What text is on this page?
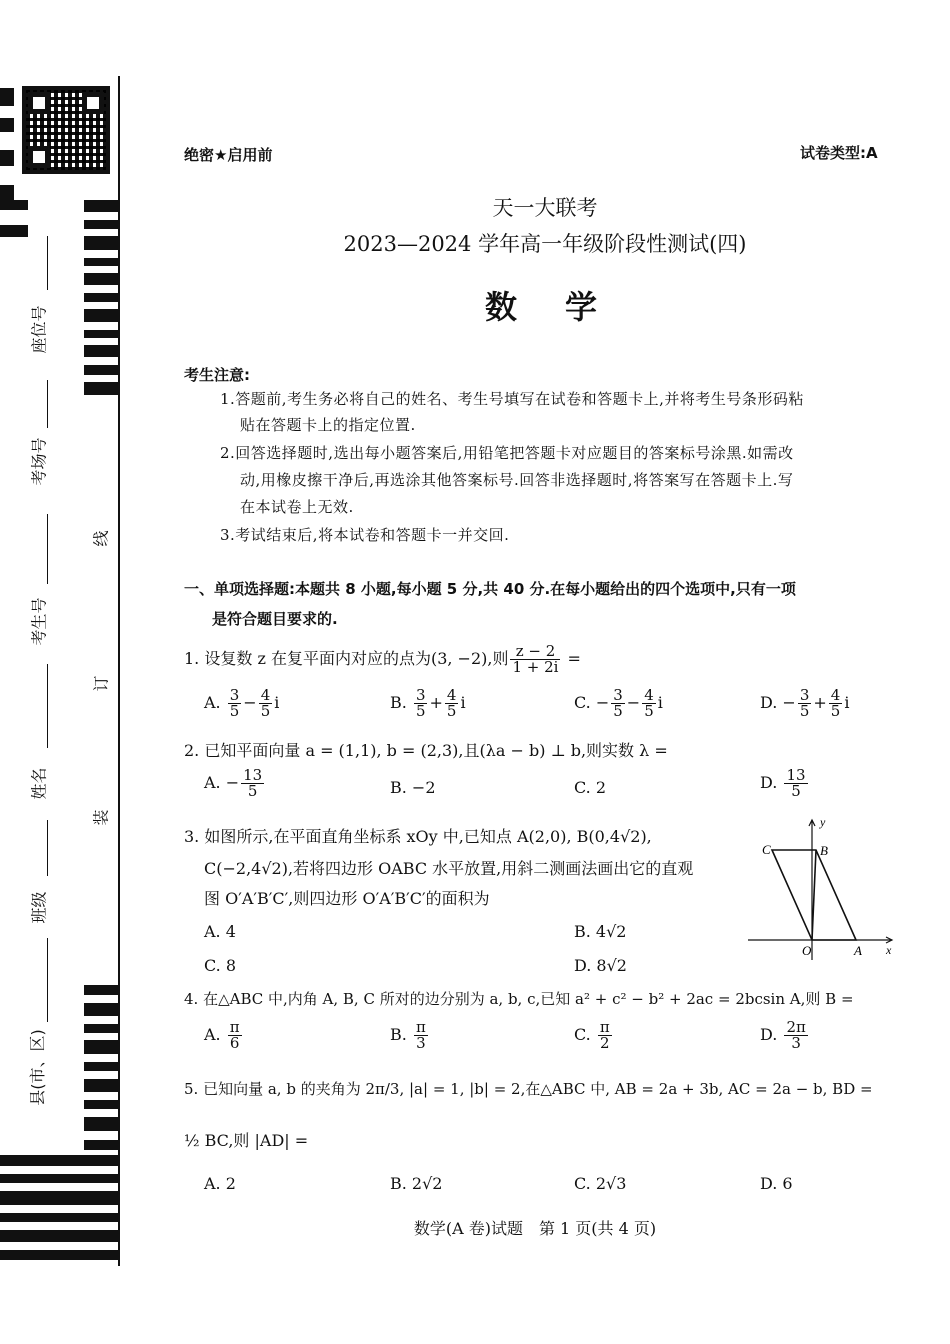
座位号
考场号
考生号
姓名
班级
县(市、区)
线
订
装
绝密★启用前	试卷类型:A
天一大联考
2023—2024 学年高一年级阶段性测试(四)
数　学
考生注意:
1.答题前,考生务必将自己的姓名、考生号填写在试卷和答题卡上,并将考生号条形码粘
贴在答题卡上的指定位置.
2.回答选择题时,选出每小题答案后,用铅笔把答题卡对应题目的答案标号涂黑.如需改
动,用橡皮擦干净后,再选涂其他答案标号.回答非选择题时,将答案写在答题卡上.写
在本试卷上无效.
3.考试结束后,将本试卷和答题卡一并交回.
一、单项选择题:本题共 8 小题,每小题 5 分,共 40 分.在每小题给出的四个选项中,只有一项
是符合题目要求的.
1. 设复数 z 在复平面内对应的点为(3, −2),则 $\frac{z - 2}{1 + 2i}$ =
A. $\frac{3}{5} - \frac{4}{5}$ i	B. $\frac{3}{5} + \frac{4}{5}$ i	C. − $\frac{3}{5} - \frac{4}{5}$ i	D. − $\frac{3}{5} + \frac{4}{5}$ i
2. 已知平面向量 a = (1,1), b = (2,3),且(λa − b) ⊥ b,则实数 λ =
A. − $\frac{13}{5}$	B. −2	C. 2	D. $\frac{13}{5}$
3. 如图所示,在平面直角坐标系 xOy 中,已知点 A(2,0), B(0,4√2),
C(−2,4√2),若将四边形 OABC 水平放置,用斜二测画法画出它的直观
图 O′A′B′C′,则四边形 O′A′B′C′的面积为
A. 4	B. 4√2
C. 8	D. 8√2
y
C	B
O	A x
4. 在△ABC 中,内角 A, B, C 所对的边分别为 a, b, c,已知 a² + c² − b² + 2ac = 2bcsin A,则 B =
A. $\frac{\pi}{6}$	B. $\frac{\pi}{3}$	C. $\frac{\pi}{2}$	D. $\frac{2\pi}{3}$
5. 已知向量 a, b 的夹角为 2π/3, |a| = 1, |b| = 2,在△ABC 中, AB = 2a + 3b, AC = 2a − b, BD =
½ BC,则 |AD| =
A. 2	B. 2√2	C. 2√3	D. 6
数学(A 卷)试题　第 1 页(共 4 页)
